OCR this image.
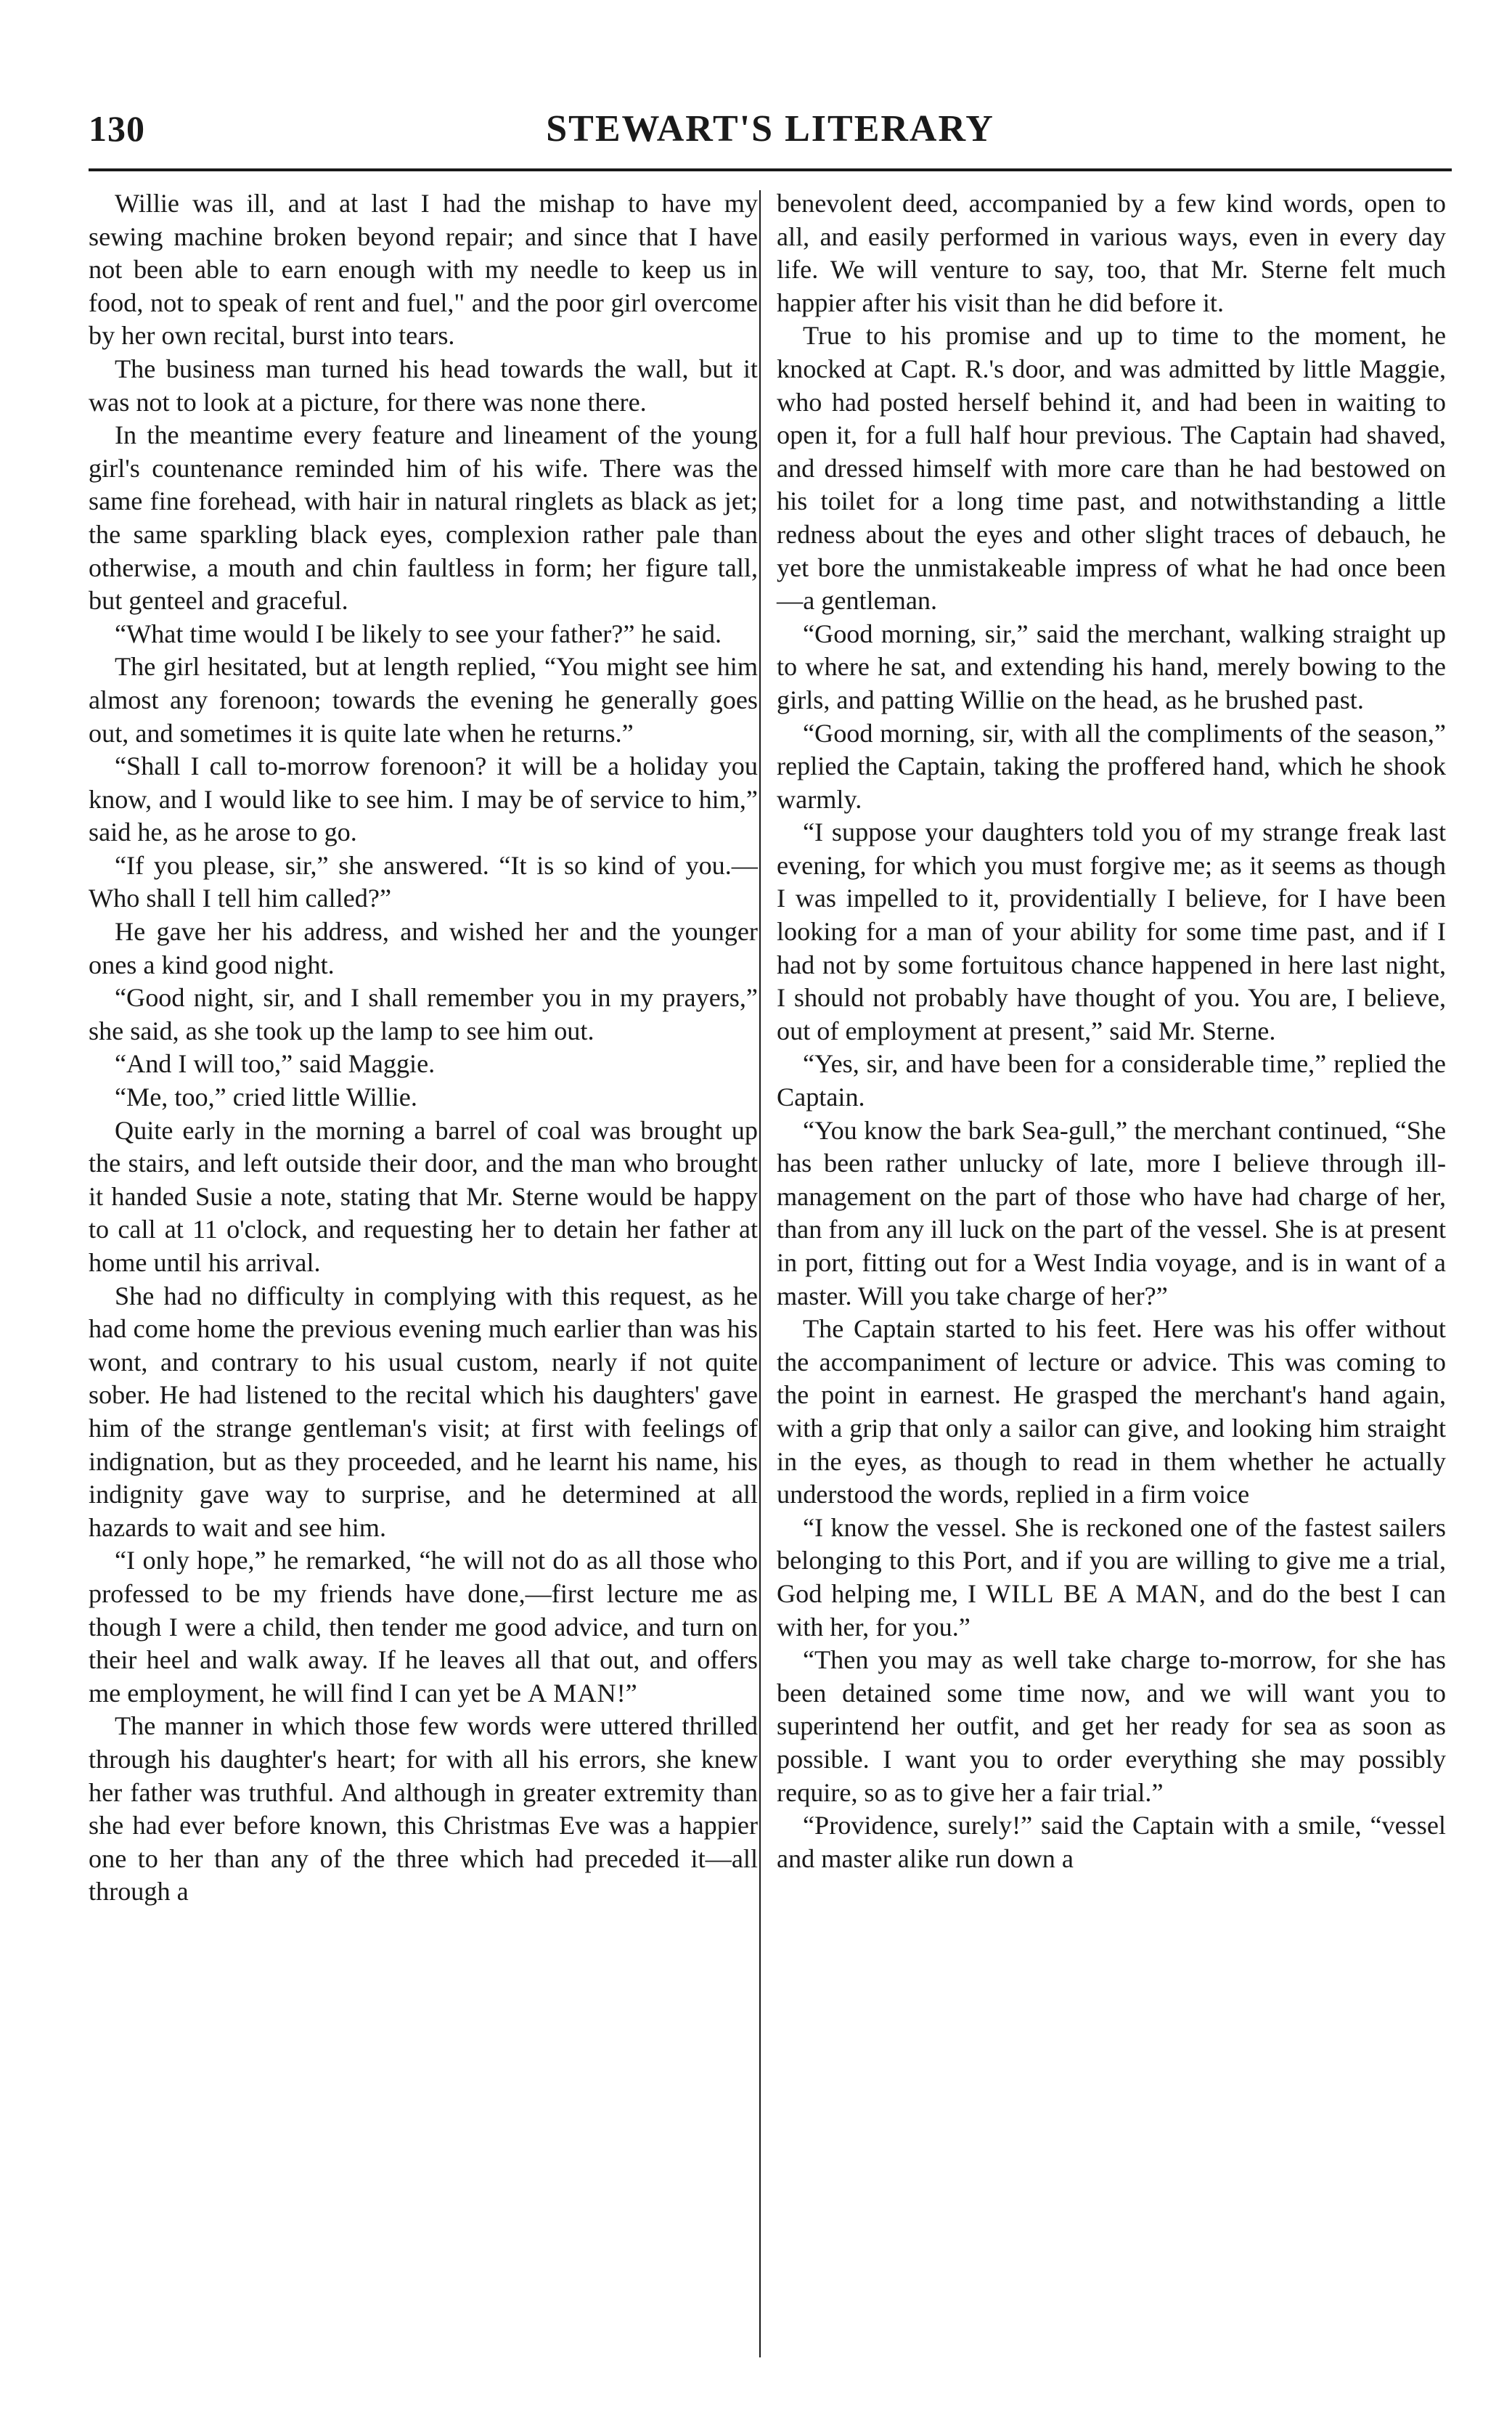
130	STEWART'S LITERARY

Willie was ill, and at last I had the mishap to have my sewing machine broken beyond repair; and since that I have not been able to earn enough with my needle to keep us in food, not to speak of rent and fuel," and the poor girl overcome by her own recital, burst into tears.

The business man turned his head towards the wall, but it was not to look at a picture, for there was none there.

In the meantime every feature and lineament of the young girl's countenance reminded him of his wife. There was the same fine forehead, with hair in natural ringlets as black as jet; the same sparkling black eyes, complexion rather pale than otherwise, a mouth and chin faultless in form; her figure tall, but genteel and graceful.

“What time would I be likely to see your father?” he said.

The girl hesitated, but at length replied, “You might see him almost any forenoon; towards the evening he generally goes out, and sometimes it is quite late when he returns.”

“Shall I call to-morrow forenoon? it will be a holiday you know, and I would like to see him. I may be of service to him,” said he, as he arose to go.

“If you please, sir,” she answered. “It is so kind of you.—Who shall I tell him called?”

He gave her his address, and wished her and the younger ones a kind good night.

“Good night, sir, and I shall remember you in my prayers,” she said, as she took up the lamp to see him out.

“And I will too,” said Maggie.

“Me, too,” cried little Willie.

Quite early in the morning a barrel of coal was brought up the stairs, and left outside their door, and the man who brought it handed Susie a note, stating that Mr. Sterne would be happy to call at 11 o'clock, and requesting her to detain her father at home until his arrival.

She had no difficulty in complying with this request, as he had come home the previous evening much earlier than was his wont, and contrary to his usual custom, nearly if not quite sober. He had listened to the recital which his daughters' gave him of the strange gentleman's visit; at first with feelings of indignation, but as they proceeded, and he learnt his name, his indignity gave way to surprise, and he determined at all hazards to wait and see him.

“I only hope,” he remarked, “he will not do as all those who professed to be my friends have done,—first lecture me as though I were a child, then tender me good advice, and turn on their heel and walk away. If he leaves all that out, and offers me employment, he will find I can yet be A MAN!”

The manner in which those few words were uttered thrilled through his daughter's heart; for with all his errors, she knew her father was truthful. And although in greater extremity than she had ever before known, this Christmas Eve was a happier one to her than any of the three which had preceded it—all through a

benevolent deed, accompanied by a few kind words, open to all, and easily performed in various ways, even in every day life. We will venture to say, too, that Mr. Sterne felt much happier after his visit than he did before it.

True to his promise and up to time to the moment, he knocked at Capt. R.'s door, and was admitted by little Maggie, who had posted herself behind it, and had been in waiting to open it, for a full half hour previous. The Captain had shaved, and dressed himself with more care than he had bestowed on his toilet for a long time past, and notwithstanding a little redness about the eyes and other slight traces of debauch, he yet bore the unmistakeable impress of what he had once been—a gentleman.

“Good morning, sir,” said the merchant, walking straight up to where he sat, and extending his hand, merely bowing to the girls, and patting Willie on the head, as he brushed past.

“Good morning, sir, with all the compliments of the season,” replied the Captain, taking the proffered hand, which he shook warmly.

“I suppose your daughters told you of my strange freak last evening, for which you must forgive me; as it seems as though I was impelled to it, providentially I believe, for I have been looking for a man of your ability for some time past, and if I had not by some fortuitous chance happened in here last night, I should not probably have thought of you. You are, I believe, out of employment at present,” said Mr. Sterne.

“Yes, sir, and have been for a considerable time,” replied the Captain.

“You know the bark Sea-gull,” the merchant continued, “She has been rather unlucky of late, more I believe through ill-management on the part of those who have had charge of her, than from any ill luck on the part of the vessel. She is at present in port, fitting out for a West India voyage, and is in want of a master. Will you take charge of her?”

The Captain started to his feet. Here was his offer without the accompaniment of lecture or advice. This was coming to the point in earnest. He grasped the merchant's hand again, with a grip that only a sailor can give, and looking him straight in the eyes, as though to read in them whether he actually understood the words, replied in a firm voice

“I know the vessel. She is reckoned one of the fastest sailers belonging to this Port, and if you are willing to give me a trial, God helping me, I WILL BE A MAN, and do the best I can with her, for you.”

“Then you may as well take charge to-morrow, for she has been detained some time now, and we will want you to superintend her outfit, and get her ready for sea as soon as possible. I want you to order everything she may possibly require, so as to give her a fair trial.”

“Providence, surely!” said the Captain with a smile, “vessel and master alike run down a
